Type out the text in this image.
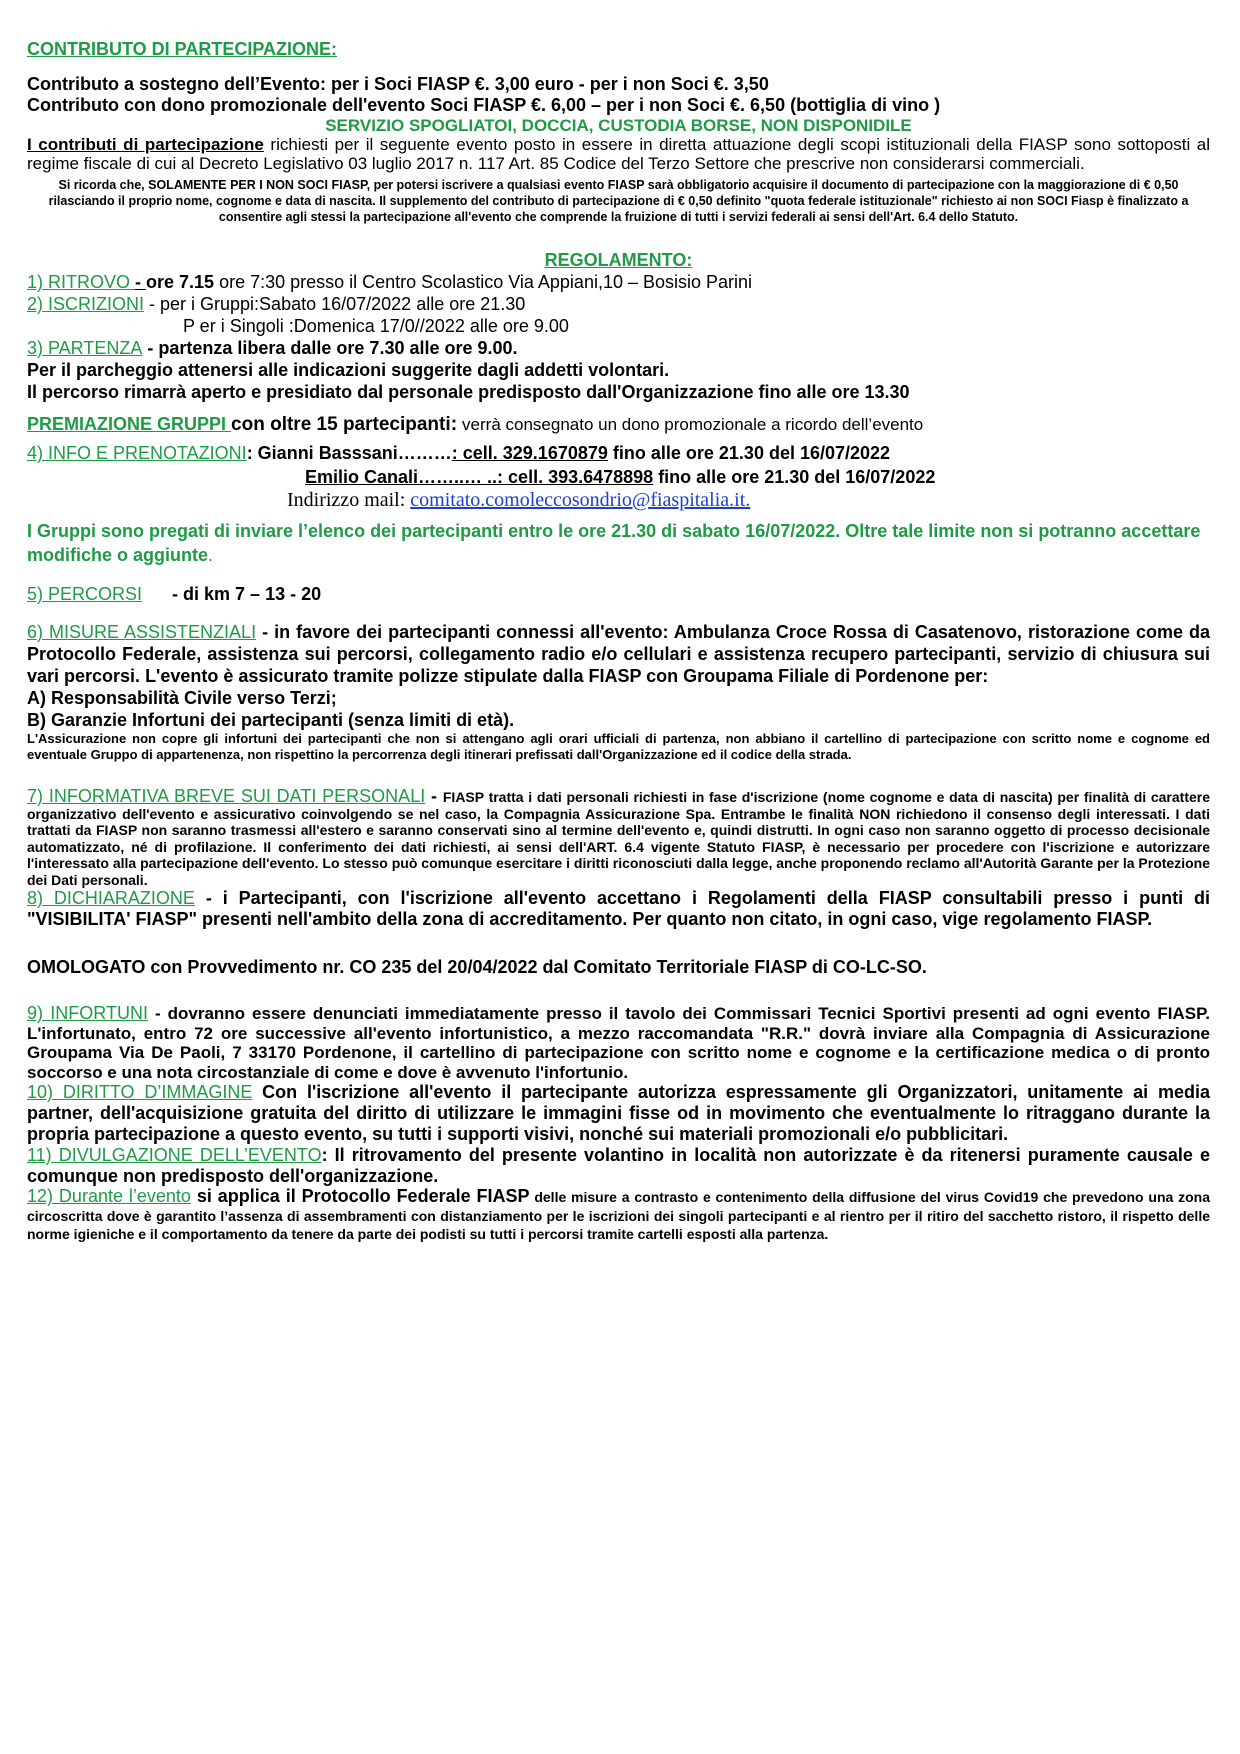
CONTRIBUTO DI PARTECIPAZIONE:
Contributo a sostegno dell’Evento: per i Soci FIASP €. 3,00 euro - per i non Soci €. 3,50
Contributo con dono promozionale dell'evento Soci FIASP €. 6,00 – per i non Soci €. 6,50 (bottiglia di vino )
SERVIZIO SPOGLIATOI, DOCCIA, CUSTODIA BORSE, NON DISPONIDILE
I contributi di partecipazione richiesti per il seguente evento posto in essere in diretta attuazione degli scopi istituzionali della FIASP sono sottoposti al regime fiscale di cui al Decreto Legislativo 03 luglio 2017 n. 117 Art. 85 Codice del Terzo Settore che prescrive non considerarsi commerciali.
Si ricorda che, SOLAMENTE PER I NON SOCI FIASP, per potersi iscrivere a qualsiasi evento FIASP sarà obbligatorio acquisire il documento di partecipazione con la maggiorazione di € 0,50 rilasciando il proprio nome, cognome e data di nascita. Il supplemento del contributo di partecipazione di € 0,50 definito "quota federale istituzionale" richiesto ai non SOCI Fiasp è finalizzato a consentire agli stessi la partecipazione all'evento che comprende la fruizione di tutti i servizi federali ai sensi dell'Art. 6.4 dello Statuto.
REGOLAMENTO:
1) RITROVO - ore 7.15 ore 7:30 presso il Centro Scolastico Via Appiani,10 – Bosisio Parini
2) ISCRIZIONI - per i Gruppi:Sabato 16/07/2022 alle ore 21.30
P er i Singoli :Domenica 17/0//2022 alle ore 9.00
3) PARTENZA - partenza libera dalle ore 7.30 alle ore 9.00.
Per il parcheggio attenersi alle indicazioni suggerite dagli addetti volontari.
Il percorso rimarrà aperto e presidiato dal personale predisposto dall'Organizzazione fino alle ore 13.30
PREMIAZIONE GRUPPI con oltre 15 partecipanti: verrà consegnato un dono promozionale a ricordo dell’evento
4) INFO E PRENOTAZIONI: Gianni Basssani………: cell. 329.1670879 fino alle ore 21.30 del 16/07/2022
Emilio Canali……..… ..: cell. 393.6478898 fino alle ore 21.30 del 16/07/2022
Indirizzo mail: comitato.comoleccosondrio@fiaspitalia.it.
I Gruppi sono pregati di inviare l’elenco dei partecipanti entro le ore 21.30 di sabato 16/07/2022. Oltre tale limite non si potranno accettare modifiche o aggiunte.
5) PERCORSI - di km 7 – 13 - 20
6) MISURE ASSISTENZIALI - in favore dei partecipanti connessi all'evento: Ambulanza Croce Rossa di Casatenovo, ristorazione come da Protocollo Federale, assistenza sui percorsi, collegamento radio e/o cellulari e assistenza recupero partecipanti, servizio di chiusura sui vari percorsi. L'evento è assicurato tramite polizze stipulate dalla FIASP con Groupama Filiale di Pordenone per:
A) Responsabilità Civile verso Terzi;
B) Garanzie Infortuni dei partecipanti (senza limiti di età).
L'Assicurazione non copre gli infortuni dei partecipanti che non si attengano agli orari ufficiali di partenza, non abbiano il cartellino di partecipazione con scritto nome e cognome ed eventuale Gruppo di appartenenza, non rispettino la percorrenza degli itinerari prefissati dall'Organizzazione ed il codice della strada.
7) INFORMATIVA BREVE SUI DATI PERSONALI - FIASP tratta i dati personali richiesti in fase d'iscrizione (nome cognome e data di nascita) per finalità di carattere organizzativo dell'evento e assicurativo coinvolgendo se nel caso, la Compagnia Assicurazione Spa. Entrambe le finalità NON richiedono il consenso degli interessati. I dati trattati da FIASP non saranno trasmessi all'estero e saranno conservati sino al termine dell'evento e, quindi distrutti. In ogni caso non saranno oggetto di processo decisionale automatizzato, né di profilazione. Il conferimento dei dati richiesti, ai sensi dell'ART. 6.4 vigente Statuto FIASP, è necessario per procedere con l'iscrizione e autorizzare l'interessato alla partecipazione dell'evento. Lo stesso può comunque esercitare i diritti riconosciuti dalla legge, anche proponendo reclamo all'Autorità Garante per la Protezione dei Dati personali.
8) DICHIARAZIONE - i Partecipanti, con l'iscrizione all'evento accettano i Regolamenti della FIASP consultabili presso i punti di "VISIBILITA' FIASP" presenti nell'ambito della zona di accreditamento. Per quanto non citato, in ogni caso, vige regolamento FIASP.
OMOLOGATO con Provvedimento nr. CO 235 del 20/04/2022 dal Comitato Territoriale FIASP di CO-LC-SO.
9) INFORTUNI - dovranno essere denunciati immediatamente presso il tavolo dei Commissari Tecnici Sportivi presenti ad ogni evento FIASP. L'infortunato, entro 72 ore successive all'evento infortunistico, a mezzo raccomandata "R.R." dovrà inviare alla Compagnia di Assicurazione Groupama Via De Paoli, 7 33170 Pordenone, il cartellino di partecipazione con scritto nome e cognome e la certificazione medica o di pronto soccorso e una nota circostanziale di come e dove è avvenuto l'infortunio.
10) DIRITTO D’IMMAGINE Con l'iscrizione all'evento il partecipante autorizza espressamente gli Organizzatori, unitamente ai media partner, dell'acquisizione gratuita del diritto di utilizzare le immagini fisse od in movimento che eventualmente lo ritraggano durante la propria partecipazione a questo evento, su tutti i supporti visivi, nonché sui materiali promozionali e/o pubblicitari.
11) DIVULGAZIONE DELL’EVENTO: Il ritrovamento del presente volantino in località non autorizzate è da ritenersi puramente causale e comunque non predisposto dell'organizzazione.
12) Durante l’evento si applica il Protocollo Federale FIASP delle misure a contrasto e contenimento della diffusione del virus Covid19 che prevedono una zona circoscritta dove è garantito l’assenza di assembramenti con distanziamento per le iscrizioni dei singoli partecipanti e al rientro per il ritiro del sacchetto ristoro, il rispetto delle norme igieniche e il comportamento da tenere da parte dei podisti su tutti i percorsi tramite cartelli esposti alla partenza.
